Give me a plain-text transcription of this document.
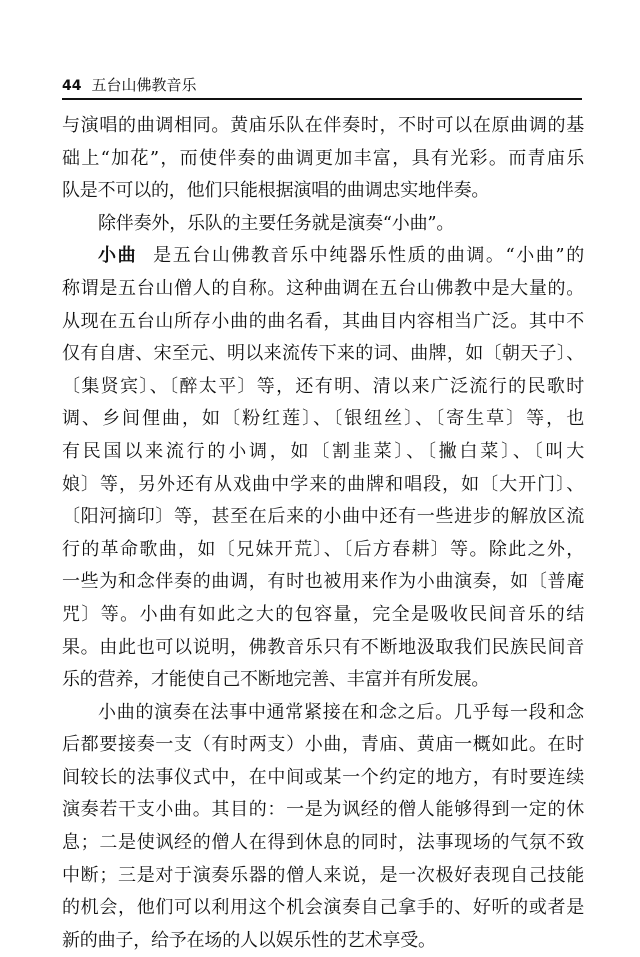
44 五台山佛教音乐
与演唱的曲调相同。黄庙乐队在伴奏时，不时可以在原曲调的基
础上“加花”，而使伴奏的曲调更加丰富，具有光彩。而青庙乐
队是不可以的，他们只能根据演唱的曲调忠实地伴奏。
除伴奏外，乐队的主要任务就是演奏“小曲”。
小曲 是五台山佛教音乐中纯器乐性质的曲调。“小曲”的
称谓是五台山僧人的自称。这种曲调在五台山佛教中是大量的。
从现在五台山所存小曲的曲名看，其曲目内容相当广泛。其中不
仅有自唐、宋至元、明以来流传下来的词、曲牌，如〔朝天子〕、
〔集贤宾〕、〔醉太平〕等，还有明、清以来广泛流行的民歌时
调、乡间俚曲，如〔粉红莲〕、〔银纽丝〕、〔寄生草〕等，也
有民国以来流行的小调，如〔割韭菜〕、〔撇白菜〕、〔叫大
娘〕等，另外还有从戏曲中学来的曲牌和唱段，如〔大开门〕、
〔阳河摘印〕等，甚至在后来的小曲中还有一些进步的解放区流
行的革命歌曲，如〔兄妹开荒〕、〔后方春耕〕等。除此之外，
一些为和念伴奏的曲调，有时也被用来作为小曲演奏，如〔普庵
咒〕等。小曲有如此之大的包容量，完全是吸收民间音乐的结
果。由此也可以说明，佛教音乐只有不断地汲取我们民族民间音
乐的营养，才能使自己不断地完善、丰富并有所发展。
小曲的演奏在法事中通常紧接在和念之后。几乎每一段和念
后都要接奏一支（有时两支）小曲，青庙、黄庙一概如此。在时
间较长的法事仪式中，在中间或某一个约定的地方，有时要连续
演奏若干支小曲。其目的：一是为讽经的僧人能够得到一定的休
息；二是使讽经的僧人在得到休息的同时，法事现场的气氛不致
中断；三是对于演奏乐器的僧人来说，是一次极好表现自己技能
的机会，他们可以利用这个机会演奏自己拿手的、好听的或者是
新的曲子，给予在场的人以娱乐性的艺术享受。
